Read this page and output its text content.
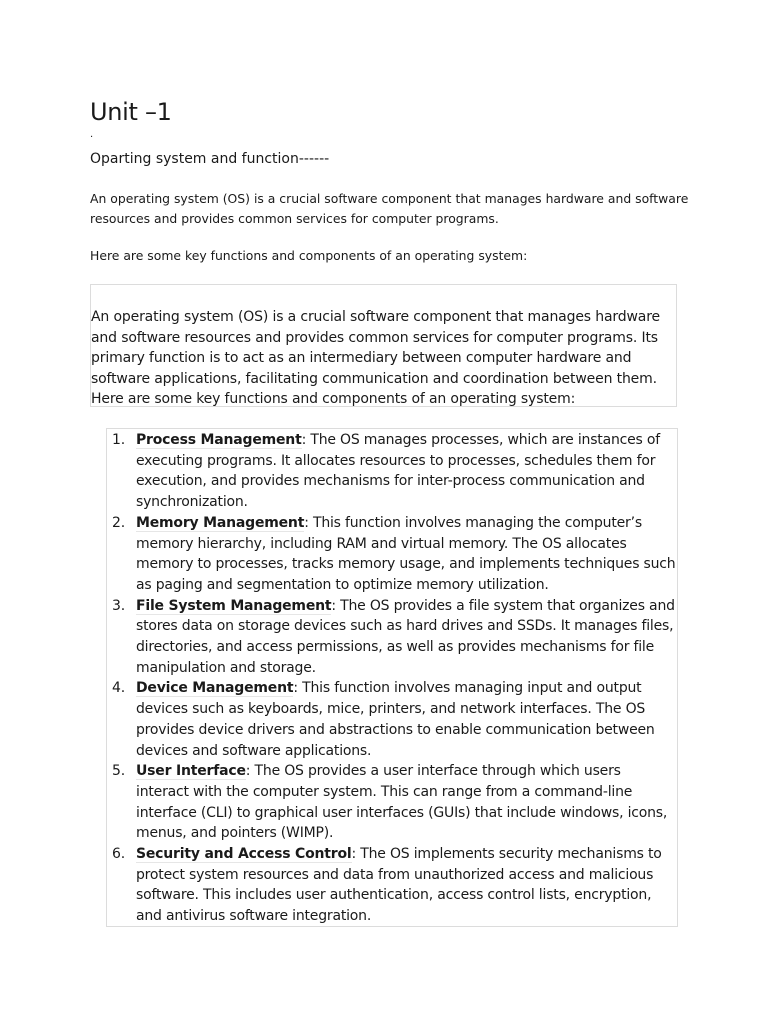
Unit –1
.
Oparting system and function------

An operating system (OS) is a crucial software component that manages hardware and software resources and provides common services for computer programs.

Here are some key functions and components of an operating system:

An operating system (OS) is a crucial software component that manages hardware and software resources and provides common services for computer programs. Its primary function is to act as an intermediary between computer hardware and software applications, facilitating communication and coordination between them. Here are some key functions and components of an operating system:

1. Process Management: The OS manages processes, which are instances of executing programs. It allocates resources to processes, schedules them for execution, and provides mechanisms for inter-process communication and synchronization.
2. Memory Management: This function involves managing the computer’s memory hierarchy, including RAM and virtual memory. The OS allocates memory to processes, tracks memory usage, and implements techniques such as paging and segmentation to optimize memory utilization.
3. File System Management: The OS provides a file system that organizes and stores data on storage devices such as hard drives and SSDs. It manages files, directories, and access permissions, as well as provides mechanisms for file manipulation and storage.
4. Device Management: This function involves managing input and output devices such as keyboards, mice, printers, and network interfaces. The OS provides device drivers and abstractions to enable communication between devices and software applications.
5. User Interface: The OS provides a user interface through which users interact with the computer system. This can range from a command-line interface (CLI) to graphical user interfaces (GUIs) that include windows, icons, menus, and pointers (WIMP).
6. Security and Access Control: The OS implements security mechanisms to protect system resources and data from unauthorized access and malicious software. This includes user authentication, access control lists, encryption, and antivirus software integration.
